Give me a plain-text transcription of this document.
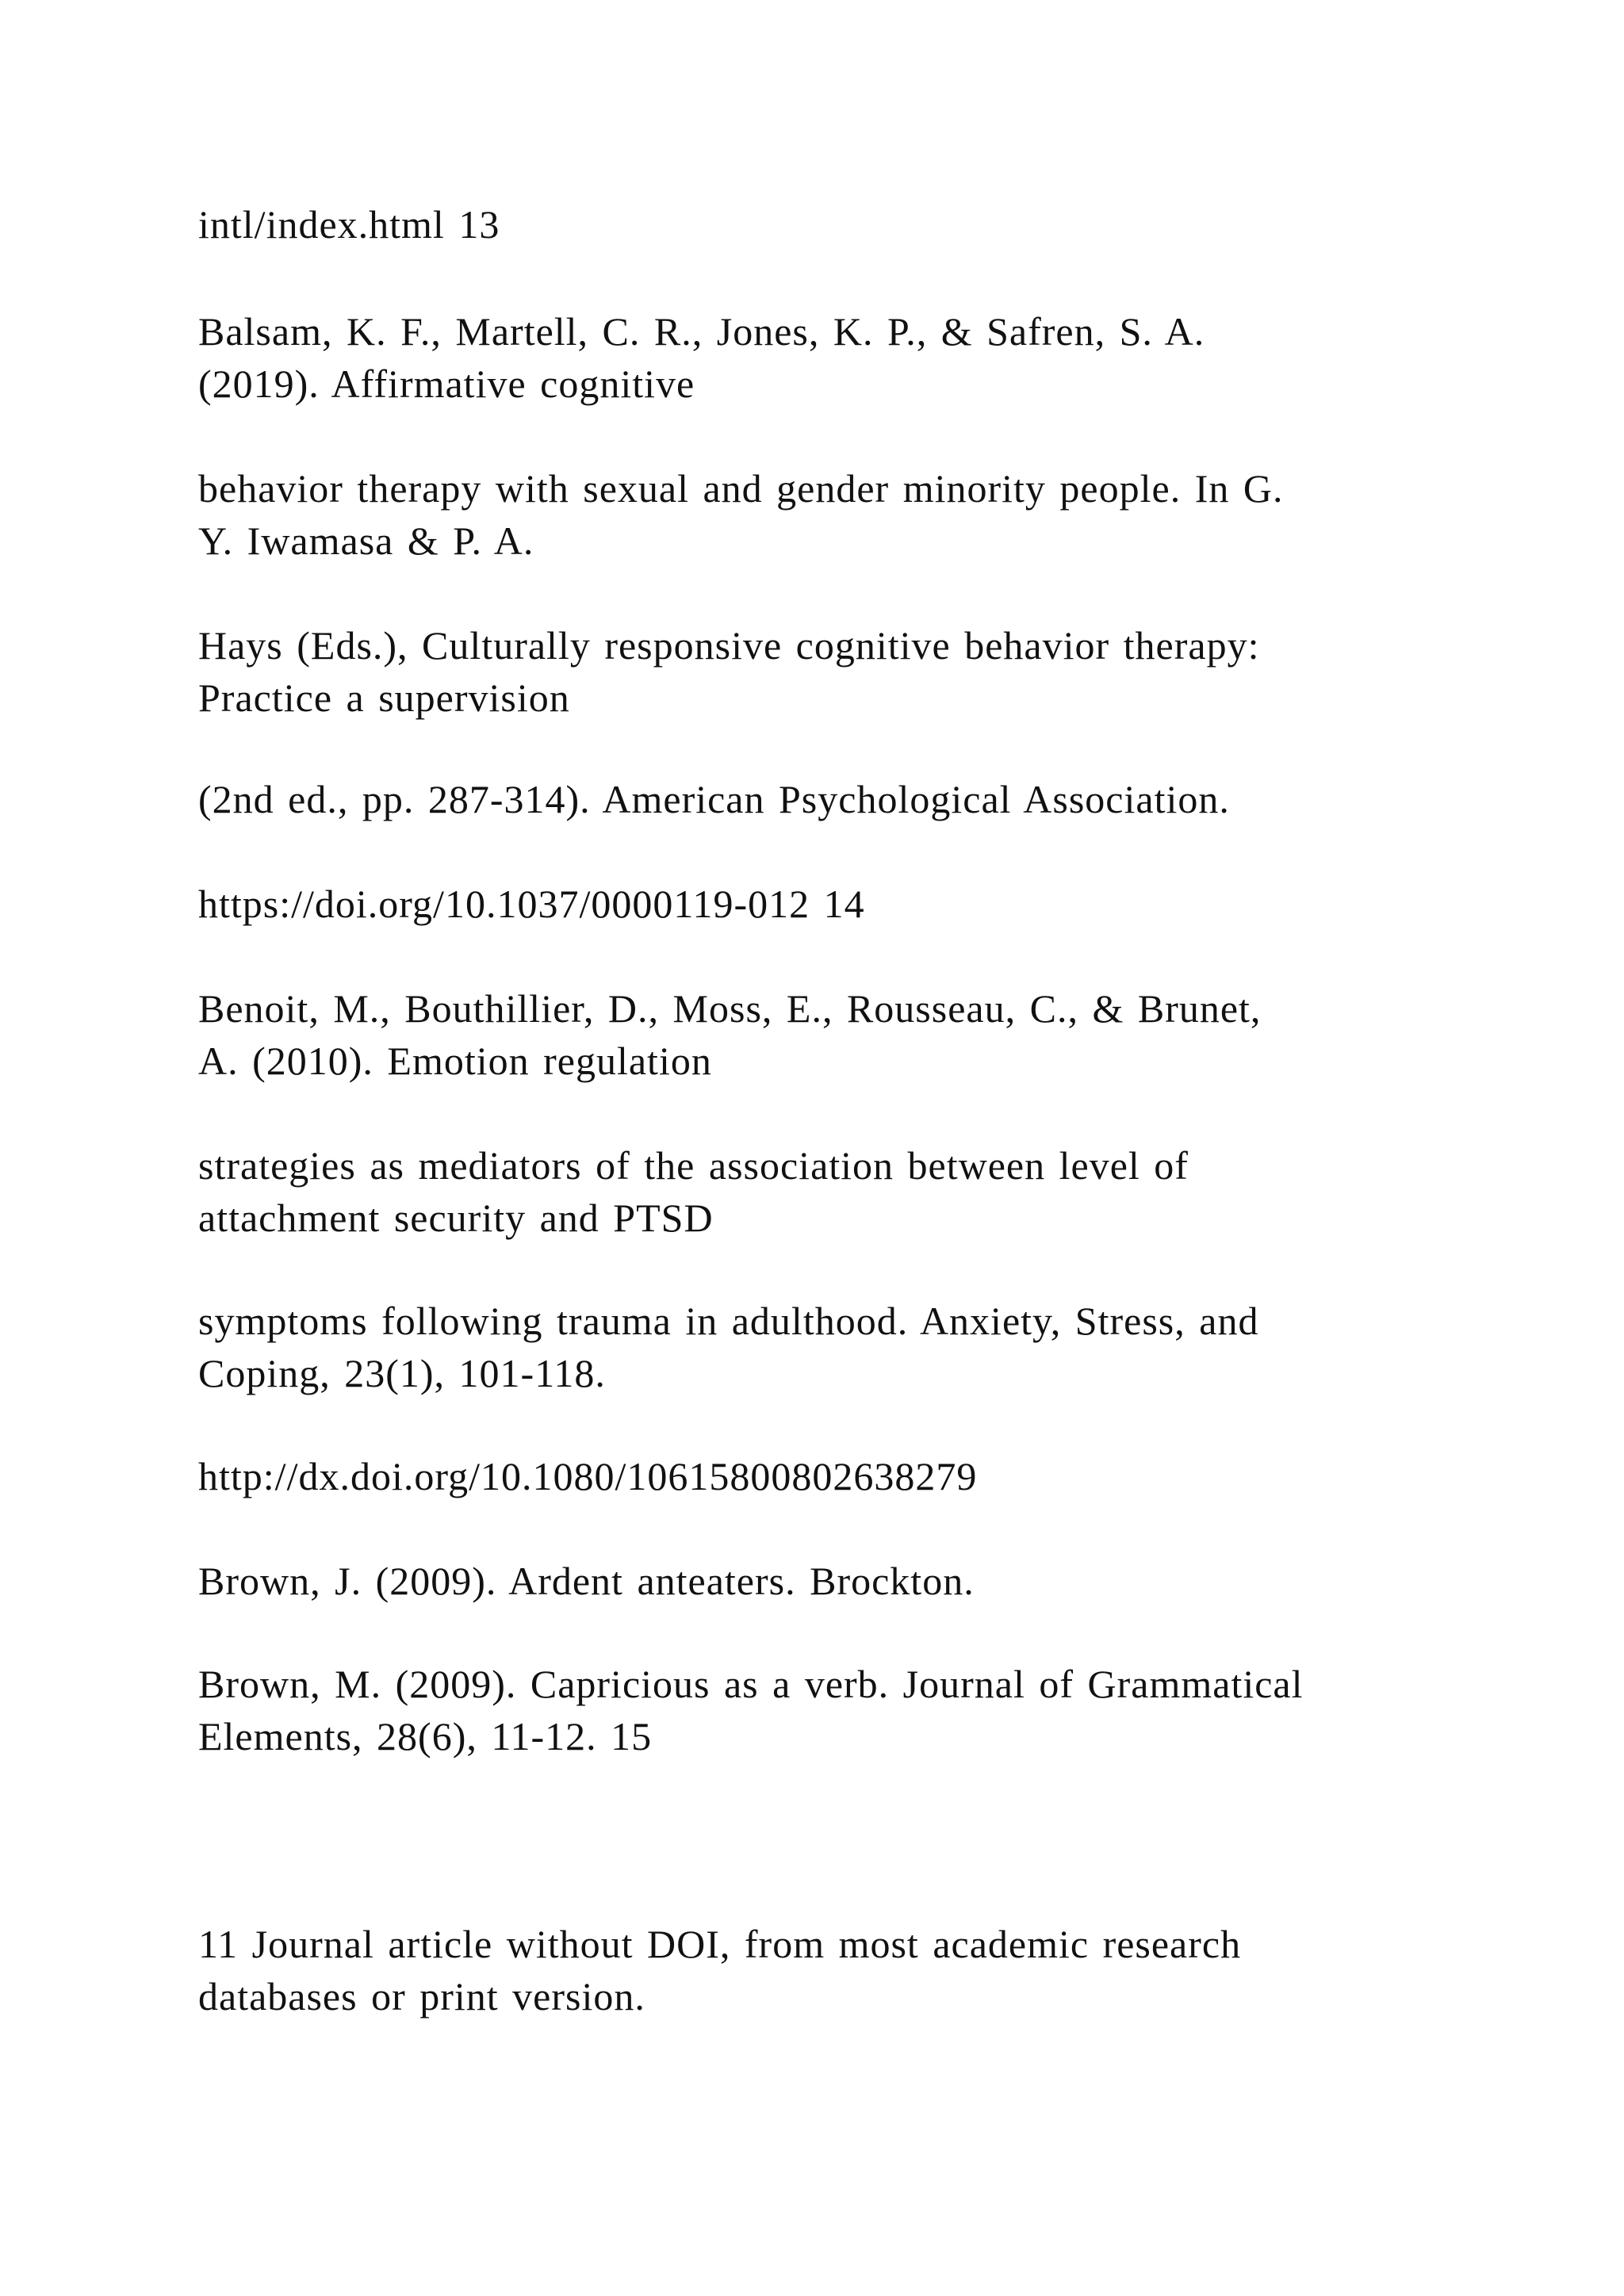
intl/index.html 13
Balsam, K. F., Martell, C. R., Jones, K. P., & Safren, S. A.
(2019). Affirmative cognitive
behavior therapy with sexual and gender minority people. In G.
Y. Iwamasa & P. A.
Hays (Eds.), Culturally responsive cognitive behavior therapy:
Practice a supervision
(2nd ed., pp. 287-314). American Psychological Association.
https://doi.org/10.1037/0000119-012 14
Benoit, M., Bouthillier, D., Moss, E., Rousseau, C., & Brunet,
A. (2010). Emotion regulation
strategies as mediators of the association between level of
attachment security and PTSD
symptoms following trauma in adulthood. Anxiety, Stress, and
Coping, 23(1), 101-118.
http://dx.doi.org/10.1080/10615800802638279
Brown, J. (2009). Ardent anteaters. Brockton.
Brown, M. (2009). Capricious as a verb. Journal of Grammatical
Elements, 28(6), 11-12. 15
11 Journal article without DOI, from most academic research
databases or print version.
